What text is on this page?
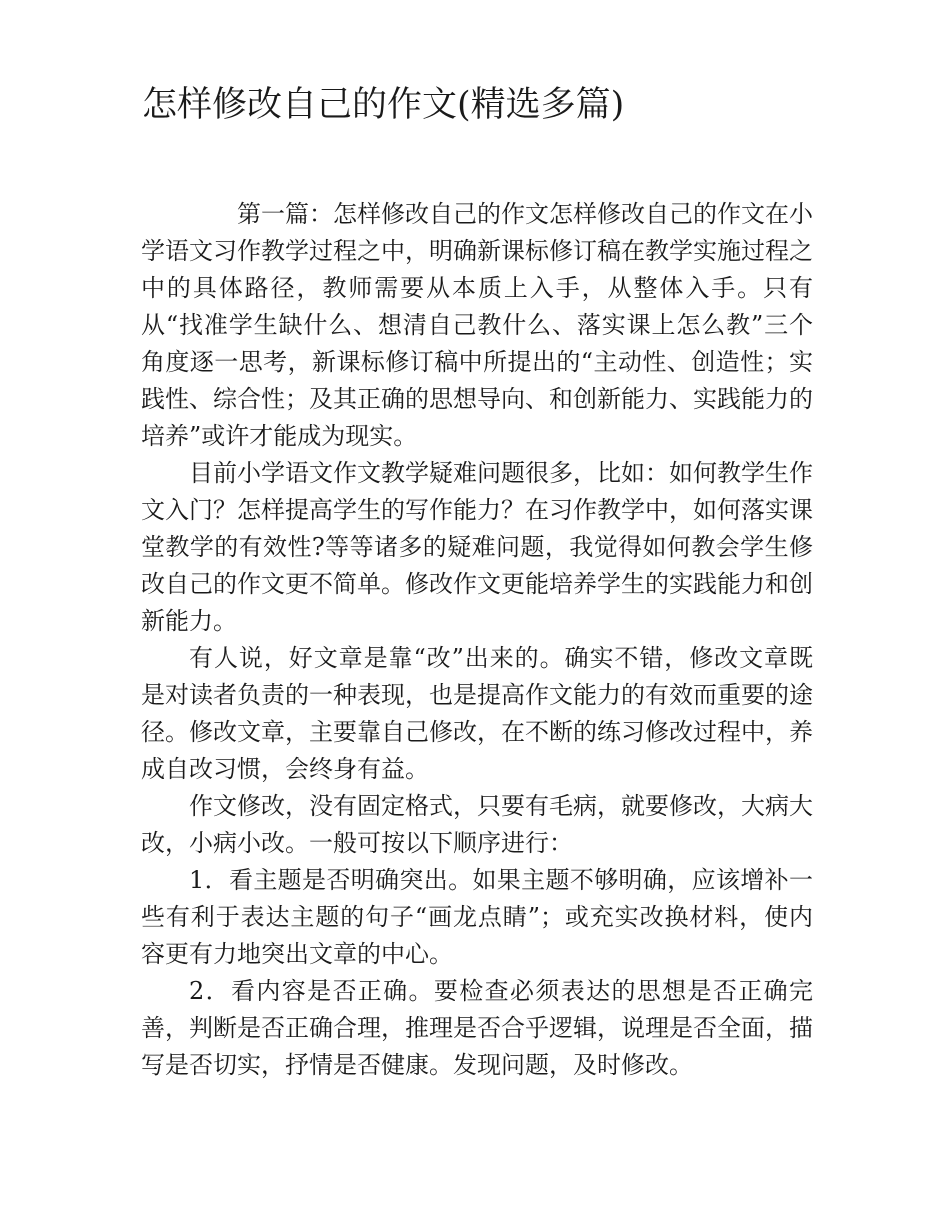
怎样修改自己的作文(精选多篇)

第一篇：怎样修改自己的作文怎样修改自己的作文在小学语文习作教学过程之中，明确新课标修订稿在教学实施过程之中的具体路径，教师需要从本质上入手，从整体入手。只有从“找准学生缺什么、想清自己教什么、落实课上怎么教”三个角度逐一思考，新课标修订稿中所提出的“主动性、创造性；实践性、综合性；及其正确的思想导向、和创新能力、实践能力的培养”或许才能成为现实。

目前小学语文作文教学疑难问题很多，比如：如何教学生作文入门？怎样提高学生的写作能力？在习作教学中，如何落实课堂教学的有效性?等等诸多的疑难问题，我觉得如何教会学生修改自己的作文更不简单。修改作文更能培养学生的实践能力和创新能力。

有人说，好文章是靠“改”出来的。确实不错，修改文章既是对读者负责的一种表现，也是提高作文能力的有效而重要的途径。修改文章，主要靠自己修改，在不断的练习修改过程中，养成自改习惯，会终身有益。

作文修改，没有固定格式，只要有毛病，就要修改，大病大改，小病小改。一般可按以下顺序进行：

1．看主题是否明确突出。如果主题不够明确，应该增补一些有利于表达主题的句子“画龙点睛”；或充实改换材料，使内容更有力地突出文章的中心。

2．看内容是否正确。要检查必须表达的思想是否正确完善，判断是否正确合理，推理是否合乎逻辑，说理是否全面，描写是否切实，抒情是否健康。发现问题，及时修改。
